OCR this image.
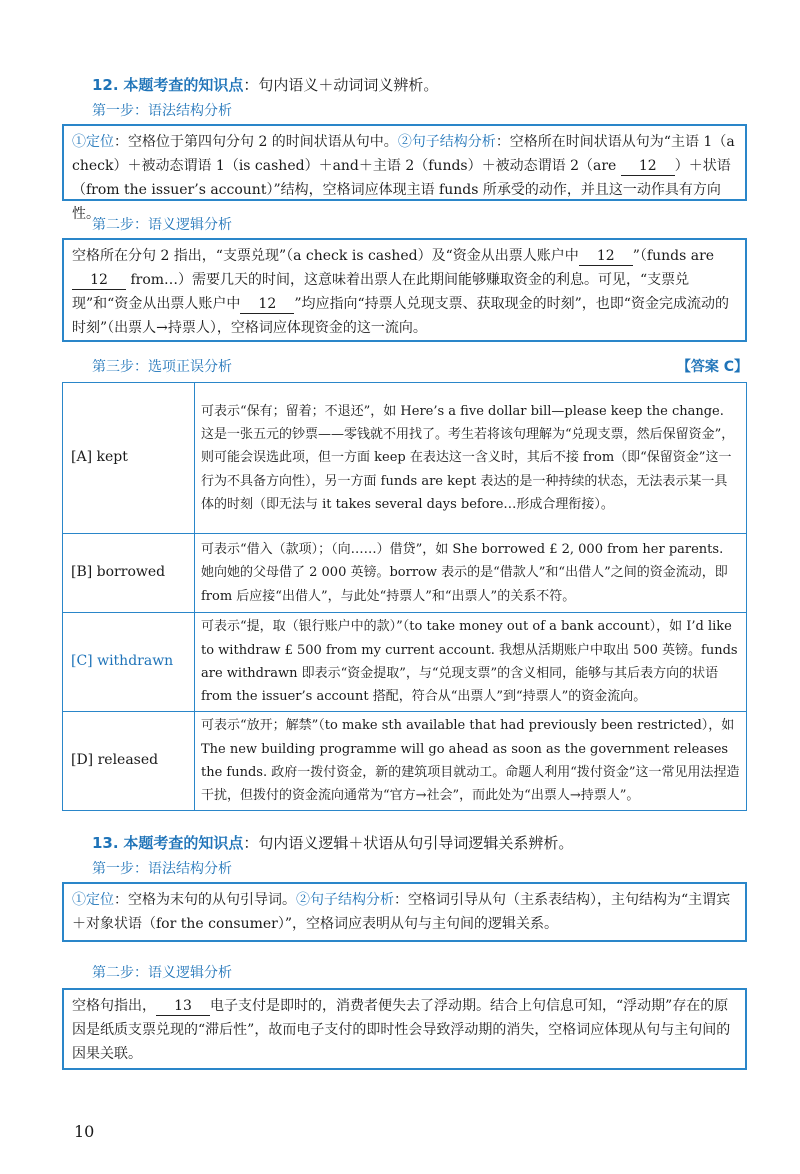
12. 本题考查的知识点：句内语义＋动词词义辨析。
第一步：语法结构分析
①定位：空格位于第四句分句 2 的时间状语从句中。②句子结构分析：空格所在时间状语从句为“主语 1（a check）＋被动态谓语 1（is cashed）＋and＋主语 2（funds）＋被动态谓语 2（are 12 ）＋状语（from the issuer’s account）”结构，空格词应体现主语 funds 所承受的动作，并且这一动作具有方向性。
第二步：语义逻辑分析
空格所在分句 2 指出，“支票兑现”（a check is cashed）及“资金从出票人账户中 12 ”（funds are 12 from…）需要几天的时间，这意味着出票人在此期间能够赚取资金的利息。可见，“支票兑现”和“资金从出票人账户中 12 ”均应指向“持票人兑现支票、获取现金的时刻”，也即“资金完成流动的时刻”（出票人→持票人），空格词应体现资金的这一流向。
第三步：选项正误分析	【答案 C】
[A] kept	可表示“保有；留着；不退还”，如 Here’s a five dollar bill—please keep the change. 这是一张五元的钞票——零钱就不用找了。考生若将该句理解为“兑现支票，然后保留资金”，则可能会误选此项，但一方面 keep 在表达这一含义时，其后不接 from（即“保留资金”这一行为不具备方向性），另一方面 funds are kept 表达的是一种持续的状态，无法表示某一具体的时刻（即无法与 it takes several days before…形成合理衔接）。
[B] borrowed	可表示“借入（款项）；（向……）借贷”，如 She borrowed £ 2, 000 from her parents. 她向她的父母借了 2 000 英镑。borrow 表示的是“借款人”和“出借人”之间的资金流动，即 from 后应接“出借人”，与此处“持票人”和“出票人”的关系不符。
[C] withdrawn	可表示“提，取（银行账户中的款）”（to take money out of a bank account），如 I’d like to withdraw £ 500 from my current account. 我想从活期账户中取出 500 英镑。funds are withdrawn 即表示“资金提取”，与“兑现支票”的含义相同，能够与其后表方向的状语 from the issuer’s account 搭配，符合从“出票人”到“持票人”的资金流向。
[D] released	可表示“放开；解禁”（to make sth available that had previously been restricted），如 The new building programme will go ahead as soon as the government releases the funds. 政府一拨付资金，新的建筑项目就动工。命题人利用“拨付资金”这一常见用法捏造干扰，但拨付的资金流向通常为“官方→社会”，而此处为“出票人→持票人”。
13. 本题考查的知识点：句内语义逻辑＋状语从句引导词逻辑关系辨析。
第一步：语法结构分析
①定位：空格为末句的从句引导词。②句子结构分析：空格词引导从句（主系表结构），主句结构为“主谓宾＋对象状语（for the consumer）”，空格词应表明从句与主句间的逻辑关系。
第二步：语义逻辑分析
空格句指出， 13 电子支付是即时的，消费者便失去了浮动期。结合上句信息可知，“浮动期”存在的原因是纸质支票兑现的“滞后性”，故而电子支付的即时性会导致浮动期的消失，空格词应体现从句与主句间的因果关联。
10
